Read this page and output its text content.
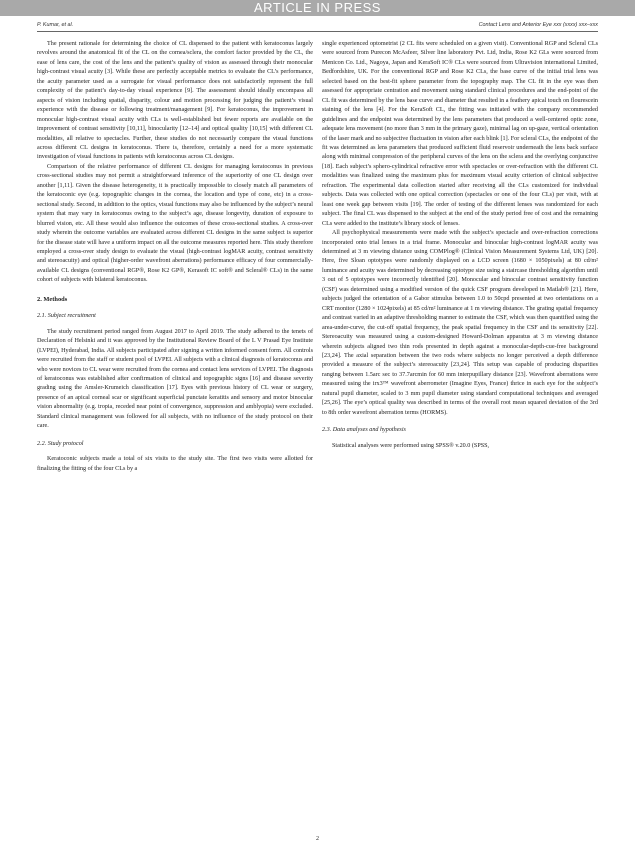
ARTICLE IN PRESS
P. Kumar, et al.	Contact Lens and Anterior Eye xxx (xxxx) xxx–xxx

The present rationale for determining the choice of CL dispensed to the patient with keratoconus largely revolves around the anatomical fit of the CL on the cornea/sclera, the comfort factor provided by the CL, the ease of lens care, the cost of the lens and the patient’s quality of vision as assessed through their monocular high-contrast visual acuity [3]. While these are perfectly acceptable metrics to evaluate the CL’s performance, the acuity parameter used as a surrogate for visual performance does not satisfactorily represent the full complexity of the patient’s day-to-day visual experience [9]. The assessment should ideally encompass all aspects of vision including spatial, disparity, colour and motion processing for judging the patient’s visual experience with the disease or following treatment/management [9]. For keratoconus, the improvement in monocular high-contrast visual acuity with CLs is well-established but fewer reports are available on the improvement of contrast sensitivity [10,11], binocularity [12–14] and optical quality [10,15] with different CL modalities, all relative to spectacles. Further, these studies do not necessarily compare the visual functions across different CL designs in keratoconus. There is, therefore, certainly a need for a more systematic investigation of visual functions in patients with keratoconus across CL designs.

Comparison of the relative performance of different CL designs for managing keratoconus in previous cross-sectional studies may not permit a straightforward inference of the superiority of one CL design over another [1,11]. Given the disease heterogeneity, it is practically impossible to closely match all parameters of the keratoconic eye (e.g. topographic changes in the cornea, the location and type of cone, etc) in a cross-sectional study. Second, in addition to the optics, visual functions may also be influenced by the subject’s neural system that may vary in keratoconus owing to the subject’s age, disease longevity, duration of exposure to blurred vision, etc. All these would also influence the outcomes of these cross-sectional studies. A cross-over study wherein the outcome variables are evaluated across different CL designs in the same subject is superior for the disease state will have a uniform impact on all the outcome measures reported here. This study therefore employed a cross-over study design to evaluate the visual (high-contrast logMAR acuity, contrast sensitivity and stereoacuity) and optical (higher-order wavefront aberrations) performance efficacy of four commercially-available CL designs (conventional RGP®, Rose K2 GP®, Kerasoft IC soft® and Scleral® CLs) in the same cohort of subjects with bilateral keratoconus.

2. Methods
2.1. Subject recruitment

The study recruitment period ranged from August 2017 to April 2019. The study adhered to the tenets of Declaration of Helsinki and it was approved by the Institutional Review Board of the L V Prasad Eye Institute (LVPEI), Hyderabad, India. All subjects participated after signing a written informed consent form. All controls were recruited from the staff or student pool of LVPEI. All subjects with a clinical diagnosis of keratoconus and who were novices to CL wear were recruited from the cornea and contact lens services of LVPEI. The diagnosis of keratoconus was established after confirmation of clinical and topographic signs [16] and disease severity grading using the Amsler-Krumeich classification [17]. Eyes with previous history of CL wear or surgery, presence of an apical corneal scar or significant superficial punctate keratitis and sensory and motor binocular vision abnormality (e.g. tropia, receded near point of convergence, suppression and amblyopia) were excluded. Standard clinical management was followed for all subjects, with no influence of the study protocol on their care.

2.2. Study protocol

Keratoconic subjects made a total of six visits to the study site. The first two visits were allotted for finalizing the fitting of the four CLs by a

single experienced optometrist (2 CL fits were scheduled on a given visit). Conventional RGP and Scleral CLs were sourced from Purecon McAsfeer, Silver line laboratory Pvt. Ltd, India, Rose K2 GLs were sourced from Menicon Co. Ltd., Nagoya, Japan and KeraSoft IC® CLs were sourced from Ultravision international Limited, Bedfordshire, UK. For the conventional RGP and Rose K2 CLs, the base curve of the initial trial lens was selected based on the best-fit sphere parameter from the topography map. The CL fit in the eye was then assessed for appropriate centration and movement using standard clinical procedures and the end-point of the CL fit was determined by the lens base curve and diameter that resulted in a feathery apical touch on flourescein staining of the lens [4]. For the KeraSoft CL, the fitting was initiated with the company recommended guidelines and the endpoint was determined by the lens parameters that produced a well-centered optic zone, adequate lens movement (no more than 3 mm in the primary gaze), minimal lag on up-gaze, vertical orientation of the laser mark and no subjective fluctuation in vision after each blink [1]. For scleral CLs, the endpoint of the fit was determined as lens parameters that produced sufficient fluid reservoir underneath the lens back surface along with minimal compression of the peripheral curves of the lens on the sclera and the overlying conjunctive [18]. Each subject’s sphero-cylindrical refractive error with spectacles or over-refraction with the different CL modalities was finalized using the maximum plus for maximum visual acuity criterion of clinical subjective refraction. The experimental data collection started after receiving all the CLs customized for individual subjects. Data was collected with one optical correction (spectacles or one of the four CLs) per visit, with at least one week gap between visits [19]. The order of testing of the different lenses was randomized for each subject. The final CL was dispensed to the subject at the end of the study period free of cost and the remaining CLs were added to the institute’s library stock of lenses.

All psychophysical measurements were made with the subject’s spectacle and over-refraction corrections incorporated onto trial lenses in a trial frame. Monocular and binocular high-contrast logMAR acuity was determined at 3 m viewing distance using COMPlog® (Clinical Vision Measurement Systems Ltd, UK) [20]. Here, five Sloan optotypes were randomly displayed on a LCD screen (1680 × 1050pixels) at 80 cd/m² luminance and acuity was determined by decreasing optotype size using a staircase thresholding algorithm until 3 out of 5 optotypes were incorrectly identified [20]. Monocular and binocular contrast sensitivity function (CSF) was determined using a modified version of the quick CSF program developed in Matlab® [21]. Here, subjects judged the orientation of a Gabor stimulus between 1.0 to 50cpd presented at two orientations on a CRT monitor (1280 × 1024pixels) at 85 cd/m² luminance at 1 m viewing distance. The grating spatial frequency and contrast varied in an adaptive thresholding manner to estimate the CSF, which was then quantified using the area-under-curve, the cut-off spatial frequency, the peak spatial frequency in the CSF and its sensitivity [22]. Stereoacuity was measured using a custom-designed Howard-Dolman apparatus at 3 m viewing distance wherein subjects aligned two thin rods presented in depth against a monocular-depth-cue-free background [23,24]. The axial separation between the two rods where subjects no longer perceived a depth difference provided a measure of the subject’s stereoacuity [23,24]. This setup was capable of producing disparities ranging between 1.5arc sec to 37.7arcmin for 60 mm interpupillary distance [23]. Wavefront aberrations were measured using the irx3™ wavefront aberrometer (Imagine Eyes, France) thrice in each eye for the subject’s natural pupil diameter, scaled to 3 mm pupil diameter using standard computational techniques and averaged [25,26]. The eye’s optical quality was described in terms of the overall root mean squared deviation of the 3rd to 8th order wavefront aberration terms (HORMS).

2.3. Data analyses and hypothesis

Statistical analyses were performed using SPSS® v.20.0 (SPSS,

2
